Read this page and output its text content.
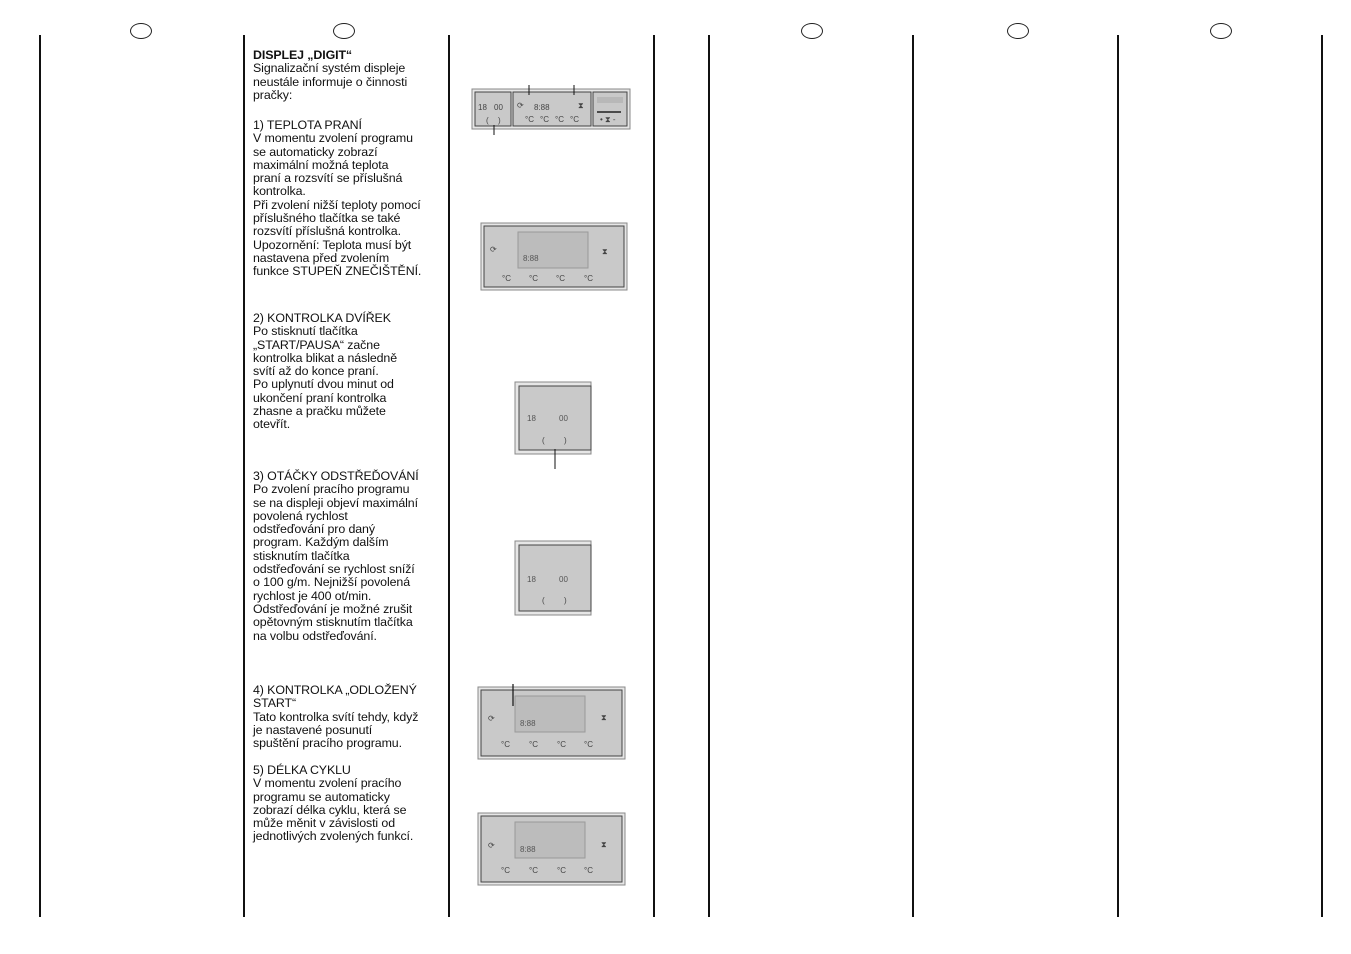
DISPLEJ „DIGIT“

Signalizační systém displeje
neustále informuje o činnosti
pračky:

1) TEPLOTA PRANÍ

V momentu zvolení programu
se automaticky zobrazí
maximální možná teplota
praní a rozsvítí se příslušná
kontrolka.
Při zvolení nižší teploty pomocí
příslušného tlačítka se také
rozsvítí příslušná kontrolka.
Upozornění: Teplota musí být
nastavena před zvolením
funkce STUPEŇ ZNEČIŠTĚNÍ.

2) KONTROLKA DVÍŘEK

Po stisknutí tlačítka
„START/PAUSA“ začne
kontrolka blikat a následně
svítí až do konce praní.
Po uplynutí dvou minut od
ukončení praní kontrolka
zhasne a pračku můžete
otevřít.

3) OTÁČKY ODSTŘEĎOVÁNÍ

Po zvolení pracího programu
se na displeji objeví maximální
povolená rychlost
odstřeďování pro daný
program. Každým dalším
stisknutím tlačítka
odstřeďování se rychlost sníží
o 100 g/m. Nejnižší povolená
rychlost je 400 ot/min.
Odstřeďování je možné zrušit
opětovným stisknutím tlačítka
na volbu odstřeďování.

4) KONTROLKA „ODLOŽENÝ
START“

Tato kontrolka svítí tehdy, když
je nastavené posunutí
spuštění pracího programu.

5) DÉLKA CYKLU

V momentu zvolení pracího
programu se automaticky
zobrazí délka cyklu, která se
může měnit v závislosti od
jednotlivých zvolených funkcí.

18 00
( )
⟳ 8:88	⧗
°C °C °C °C	• ⧗ -
⟳
8:88
⧗
°C °C °C °C
18	00
( )
18	00
( )
⟳
8:88
⧗
°C °C °C °C
⟳	8:88
⧗
°C °C °C °C
